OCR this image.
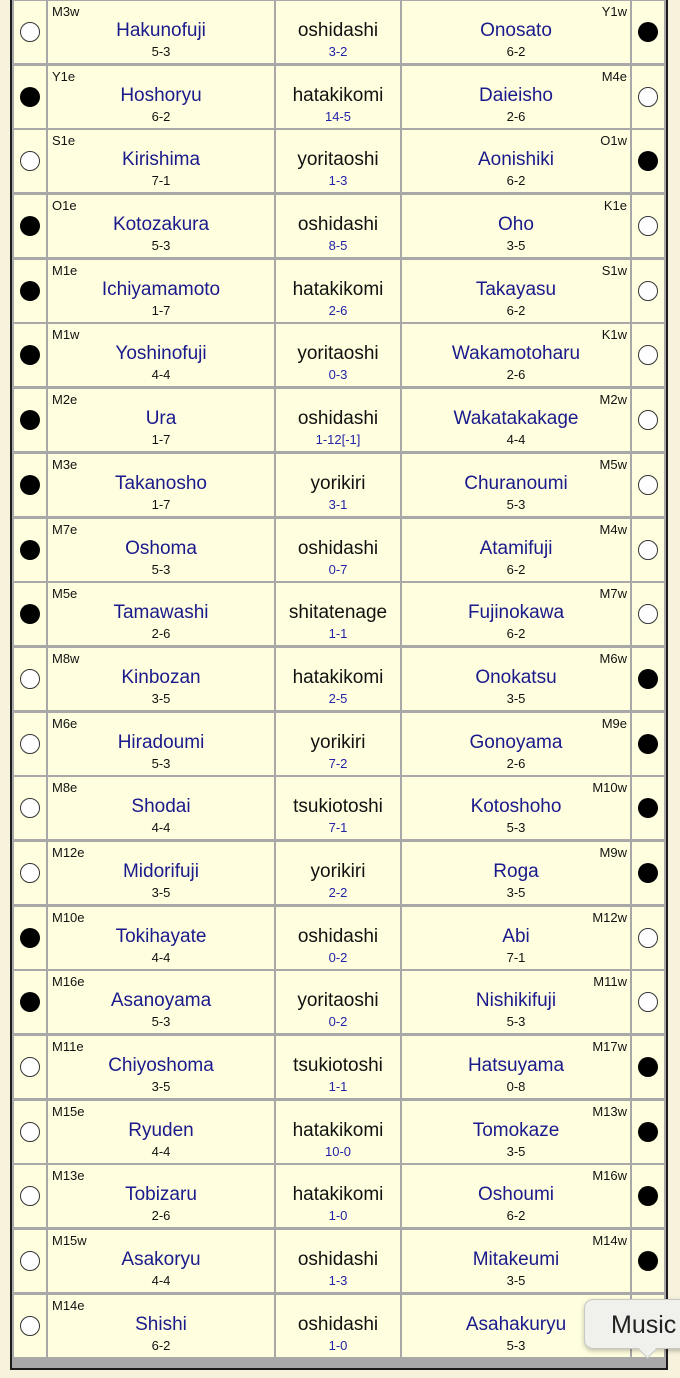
M3w
Hakunofuji
5-3
oshidashi
3-2
Y1w
Onosato
6-2
Y1e
Hoshoryu
6-2
hatakikomi
14-5
M4e
Daieisho
2-6
S1e
Kirishima
7-1
yoritaoshi
1-3
O1w
Aonishiki
6-2
O1e
Kotozakura
5-3
oshidashi
8-5
K1e
Oho
3-5
M1e
Ichiyamamoto
1-7
hatakikomi
2-6
S1w
Takayasu
6-2
M1w
Yoshinofuji
4-4
yoritaoshi
0-3
K1w
Wakamotoharu
2-6
M2e
Ura
1-7
oshidashi
1-12[-1]
M2w
Wakatakakage
4-4
M3e
Takanosho
1-7
yorikiri
3-1
M5w
Churanoumi
5-3
M7e
Oshoma
5-3
oshidashi
0-7
M4w
Atamifuji
6-2
M5e
Tamawashi
2-6
shitatenage
1-1
M7w
Fujinokawa
6-2
M8w
Kinbozan
3-5
hatakikomi
2-5
M6w
Onokatsu
3-5
M6e
Hiradoumi
5-3
yorikiri
7-2
M9e
Gonoyama
2-6
M8e
Shodai
4-4
tsukiotoshi
7-1
M10w
Kotoshoho
5-3
M12e
Midorifuji
3-5
yorikiri
2-2
M9w
Roga
3-5
M10e
Tokihayate
4-4
oshidashi
0-2
M12w
Abi
7-1
M16e
Asanoyama
5-3
yoritaoshi
0-2
M11w
Nishikifuji
5-3
M11e
Chiyoshoma
3-5
tsukiotoshi
1-1
M17w
Hatsuyama
0-8
M15e
Ryuden
4-4
hatakikomi
10-0
M13w
Tomokaze
3-5
M13e
Tobizaru
2-6
hatakikomi
1-0
M16w
Oshoumi
6-2
M15w
Asakoryu
4-4
oshidashi
1-3
M14w
Mitakeumi
3-5
M14e
Shishi
6-2
oshidashi
1-0
Asahakuryu
5-3
Music
